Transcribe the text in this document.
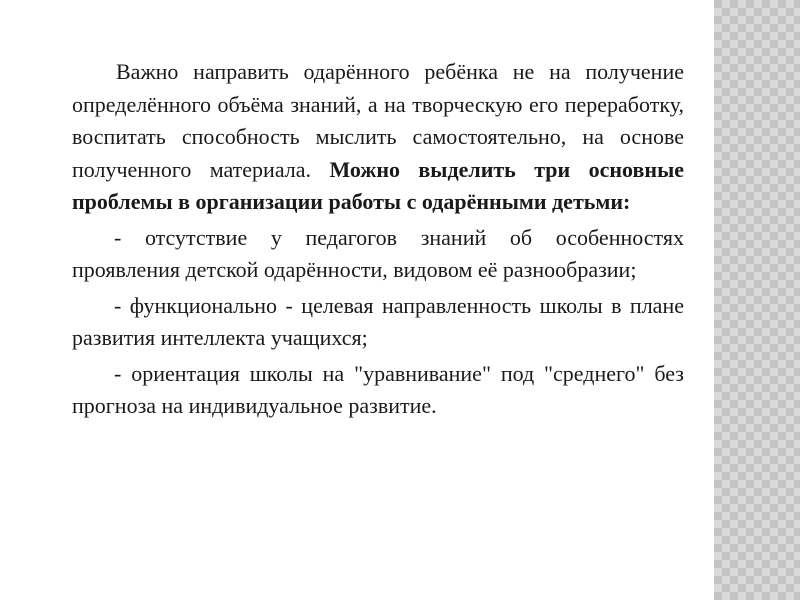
Важно направить одарённого ребёнка не на получение определённого объёма знаний, а на творческую его переработку, воспитать способность мыслить самостоятельно, на основе полученного материала. Можно выделить три основные проблемы в организации работы с одарёнными детьми:

- отсутствие у педагогов знаний об особенностях проявления детской одарённости, видовом её разнообразии;

- функционально - целевая направленность школы в плане развития интеллекта учащихся;

- ориентация школы на "уравнивание" под "среднего" без прогноза на индивидуальное развитие.
